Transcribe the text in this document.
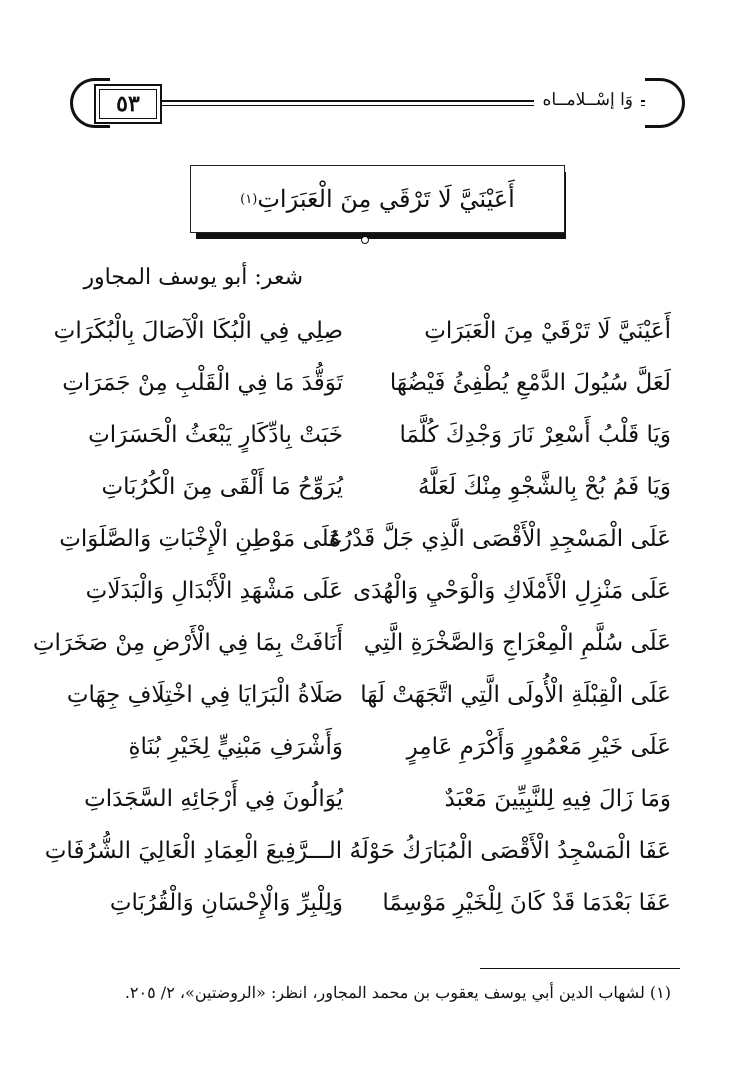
٥٣	وَا إسْــلامــاه
أَعَيْنَيَّ لَا تَرْقَي مِنَ الْعَبَرَاتِ
(١)
شعر: أبو يوسف المجاور
أَعَيْنَيَّ لَا تَرْقَيْ مِنَ الْعَبَرَاتِ
صِلِي فِي الْبُكَا الْآصَالَ بِالْبُكَرَاتِ
لَعَلَّ سُيُولَ الدَّمْعِ يُطْفِئُ فَيْضُهَا
تَوَقُّدَ مَا فِي الْقَلْبِ مِنْ جَمَرَاتِ
وَيَا قَلْبُ أَسْعِرْ نَارَ وَجْدِكَ كُلَّمَا
خَبَتْ بِادِّكَارٍ يَبْعَثُ الْحَسَرَاتِ
وَيَا فَمُ بُحْ بِالشَّجْوِ مِنْكَ لَعَلَّهُ
يُرَوِّحُ مَا أَلْقَى مِنَ الْكُرُبَاتِ
عَلَى الْمَسْجِدِ الْأَقْصَى الَّذِي جَلَّ قَدْرُهُ
عَلَى مَوْطِنِ الْإِخْبَاتِ وَالصَّلَوَاتِ
عَلَى مَنْزِلِ الْأَمْلَاكِ وَالْوَحْيِ وَالْهُدَى
عَلَى مَشْهَدِ الْأَبْدَالِ وَالْبَدَلَاتِ
عَلَى سُلَّمِ الْمِعْرَاجِ وَالصَّخْرَةِ الَّتِي
أَنَافَتْ بِمَا فِي الْأَرْضِ مِنْ صَخَرَاتِ
عَلَى الْقِبْلَةِ الْأُولَى الَّتِي اتَّجَهَتْ لَهَا
صَلَاةُ الْبَرَايَا فِي اخْتِلَافِ جِهَاتِ
عَلَى خَيْرِ مَعْمُورٍ وَأَكْرَمِ عَامِرٍ
وَأَشْرَفِ مَبْنِيٍّ لِخَيْرِ بُنَاةِ
وَمَا زَالَ فِيهِ لِلنَّبِيِّينَ مَعْبَدٌ
يُوَالُونَ فِي أَرْجَائِهِ السَّجَدَاتِ
عَفَا الْمَسْجِدُ الْأَقْصَى الْمُبَارَكُ حَوْلَهُ الـــرَّفِيعَ الْعِمَادِ الْعَالِيَ الشُّرُفَاتِ
عَفَا بَعْدَمَا قَدْ كَانَ لِلْخَيْرِ مَوْسِمًا
وَلِلْبِرِّ وَالْإِحْسَانِ وَالْقُرُبَاتِ
(١) لشهاب الدين أبي يوسف يعقوب بن محمد المجاور، انظر: «الروضتين»، ٢/ ٢٠٥.
